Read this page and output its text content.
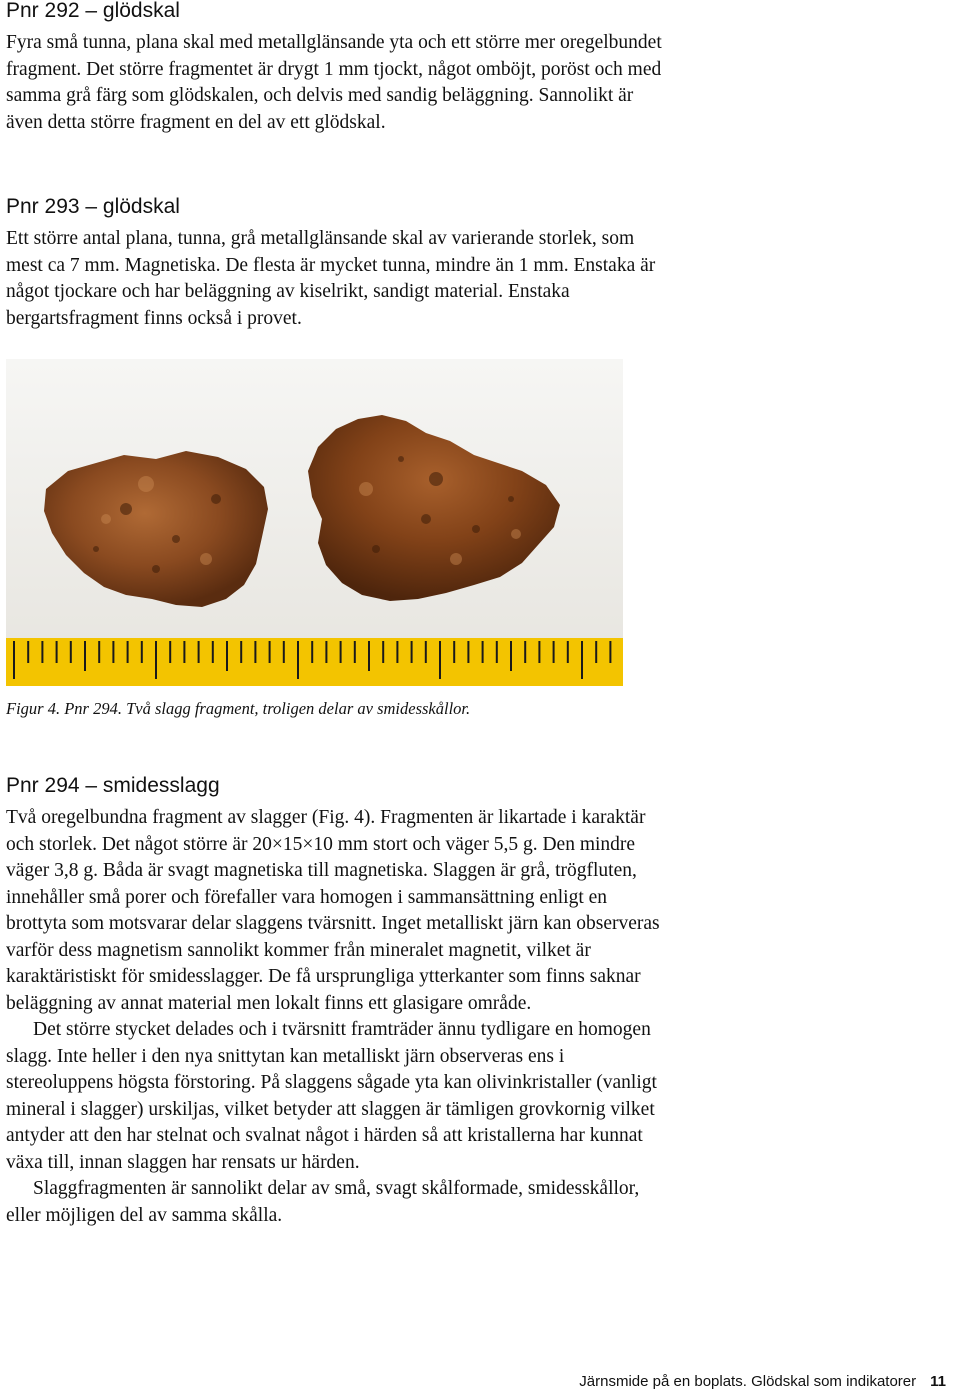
Pnr 292 – glödskal

Fyra små tunna, plana skal med metallglänsande yta och ett större mer oregelbundet fragment. Det större fragmentet är drygt 1 mm tjockt, något omböjt, poröst och med samma grå färg som glödskalen, och delvis med sandig beläggning. Sannolikt är även detta större fragment en del av ett glödskal.

Pnr 293 – glödskal

Ett större antal plana, tunna, grå metallglänsande skal av varierande storlek, som mest ca 7 mm. Magnetiska. De flesta är mycket tunna, mindre än 1 mm. Enstaka är något tjockare och har beläggning av kiselrikt, sandigt material. Enstaka bergartsfragment finns också i provet.

Figur 4. Pnr 294. Två slagg fragment, troligen delar av smidesskållor.
Pnr 294 – smidesslagg

Två oregelbundna fragment av slagger (Fig. 4). Fragmenten är likartade i karaktär och storlek. Det något större är 20×15×10 mm stort och väger 5,5 g. Den mindre väger 3,8 g. Båda är svagt magnetiska till magnetiska. Slaggen är grå, trögfluten, innehåller små porer och förefaller vara homogen i sammansättning enligt en brottyta som motsvarar delar slaggens tvärsnitt. Inget metalliskt järn kan observeras varför dess magnetism sannolikt kommer från mineralet magnetit, vilket är karaktäristiskt för smidesslagger. De få ursprungliga ytterkanter som finns saknar beläggning av annat material men lokalt finns ett glasigare område.

Det större stycket delades och i tvärsnitt framträder ännu tydligare en homogen slagg. Inte heller i den nya snittytan kan metalliskt järn observeras ens i stereoluppens högsta förstoring. På slaggens sågade yta kan olivinkristaller (vanligt mineral i slagger) urskiljas, vilket betyder att slaggen är tämligen grovkornig vilket antyder att den har stelnat och svalnat något i härden så att kristallerna har kunnat växa till, innan slaggen har rensats ur härden.

Slaggfragmenten är sannolikt delar av små, svagt skålformade, smidesskållor, eller möjligen del av samma skålla.

Järnsmide på en boplats. Glödskal som indikatorer 11
